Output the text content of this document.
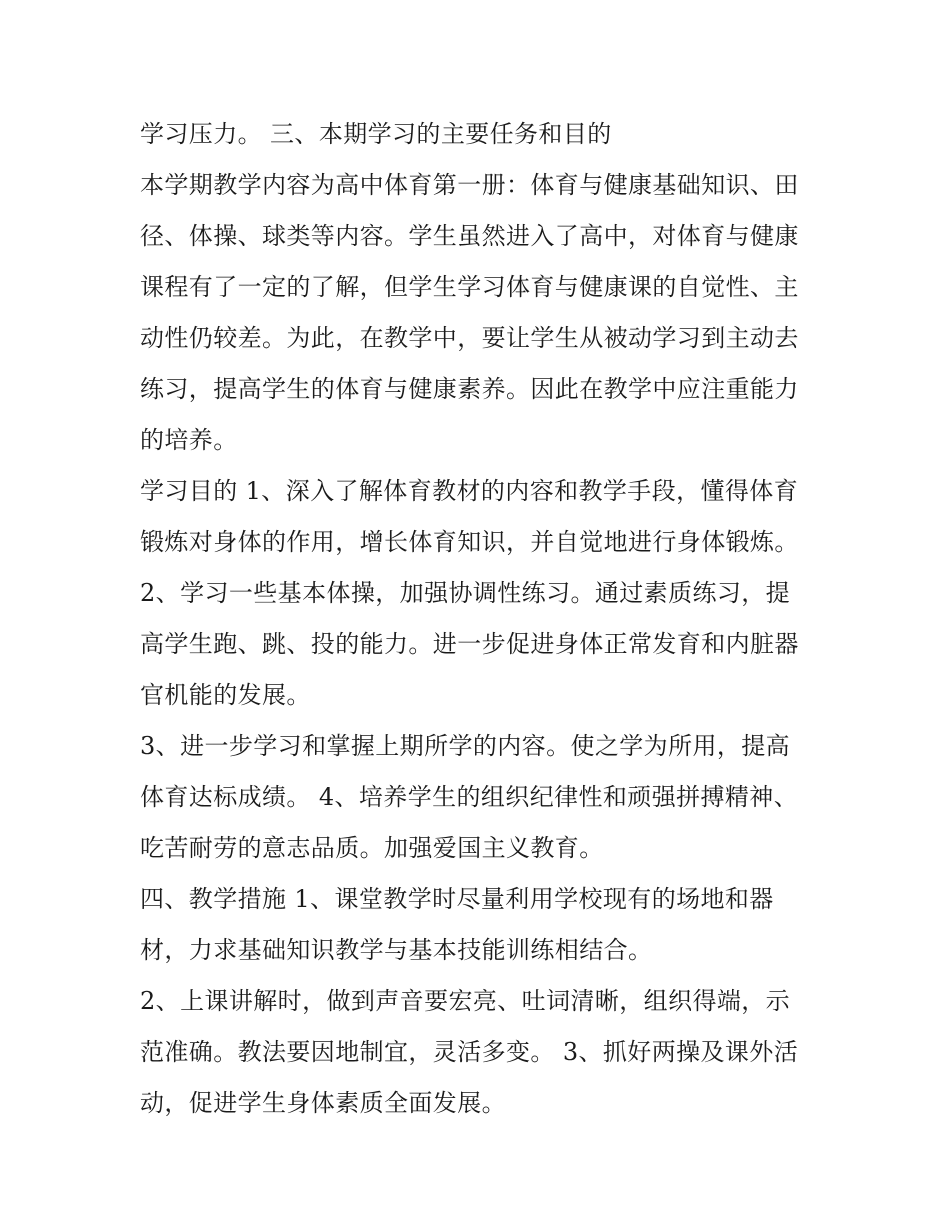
学习压力。 三、本期学习的主要任务和目的
本学期教学内容为高中体育第一册：体育与健康基础知识、田
径、体操、球类等内容。学生虽然进入了高中，对体育与健康
课程有了一定的了解，但学生学习体育与健康课的自觉性、主
动性仍较差。为此，在教学中，要让学生从被动学习到主动去
练习，提高学生的体育与健康素养。因此在教学中应注重能力
的培养。
学习目的 1、深入了解体育教材的内容和教学手段，懂得体育
锻炼对身体的作用，增长体育知识，并自觉地进行身体锻炼。
2、学习一些基本体操，加强协调性练习。通过素质练习，提
高学生跑、跳、投的能力。进一步促进身体正常发育和内脏器
官机能的发展。
3、进一步学习和掌握上期所学的内容。使之学为所用，提高
体育达标成绩。 4、培养学生的组织纪律性和顽强拼搏精神、
吃苦耐劳的意志品质。加强爱国主义教育。
四、教学措施 1、课堂教学时尽量利用学校现有的场地和器
材，力求基础知识教学与基本技能训练相结合。
2、上课讲解时，做到声音要宏亮、吐词清晰，组织得端，示
范准确。教法要因地制宜，灵活多变。 3、抓好两操及课外活
动，促进学生身体素质全面发展。
